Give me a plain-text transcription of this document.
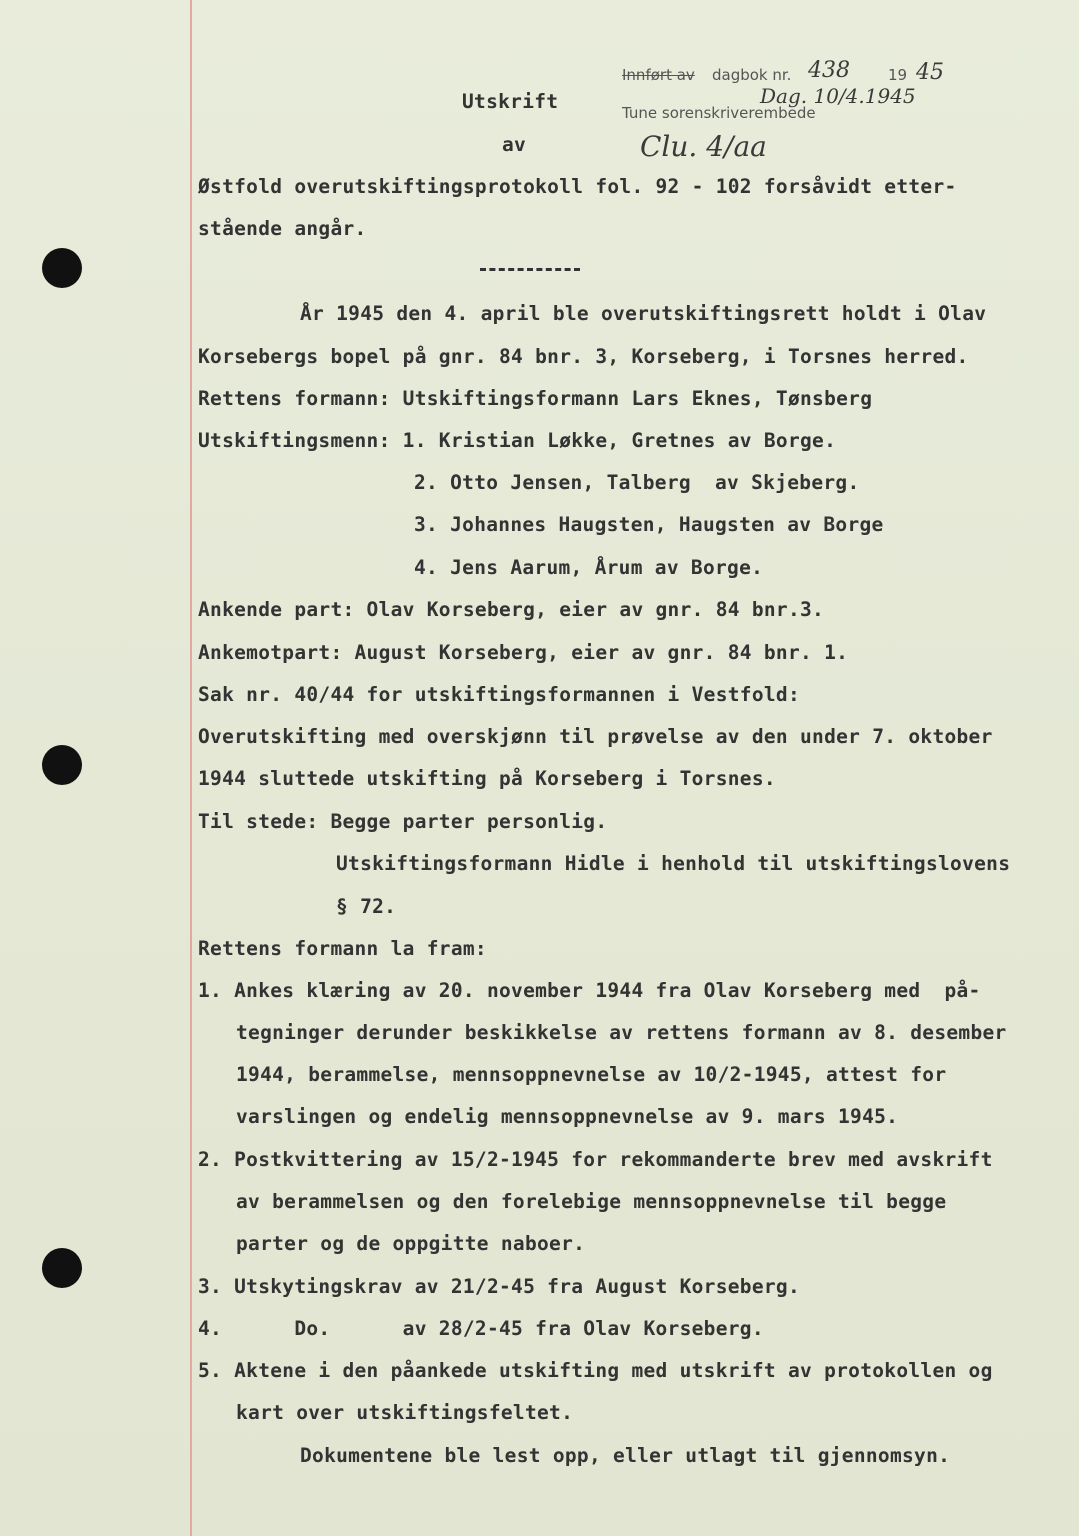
Innført av dagbok nr. 438	19 45
Tune sorenskriverembede
Dag. 10/4.1945
Clu. 4/aa
Utskrift
av
Østfold overutskiftingsprotokoll fol. 92 - 102 forsåvidt etter-
stående angår.
År 1945 den 4. april ble overutskiftingsrett holdt i Olav
Korsebergs bopel på gnr. 84 bnr. 3, Korseberg, i Torsnes herred.
Rettens formann: Utskiftingsformann Lars Eknes, Tønsberg
Utskiftingsmenn: 1. Kristian Løkke, Gretnes av Borge.
2. Otto Jensen, Talberg  av Skjeberg.
3. Johannes Haugsten, Haugsten av Borge
4. Jens Aarum, Årum av Borge.
Ankende part: Olav Korseberg, eier av gnr. 84 bnr.3.
Ankemotpart: August Korseberg, eier av gnr. 84 bnr. 1.
Sak nr. 40/44 for utskiftingsformannen i Vestfold:
Overutskifting med overskjønn til prøvelse av den under 7. oktober
1944 sluttede utskifting på Korseberg i Torsnes.
Til stede: Begge parter personlig.
Utskiftingsformann Hidle i henhold til utskiftingslovens
§ 72.
Rettens formann la fram:
1. Ankes klæring av 20. november 1944 fra Olav Korseberg med  på-
tegninger derunder beskikkelse av rettens formann av 8. desember
1944, berammelse, mennsoppnevnelse av 10/2-1945, attest for
varslingen og endelig mennsoppnevnelse av 9. mars 1945.
2. Postkvittering av 15/2-1945 for rekommanderte brev med avskrift
av berammelsen og den forelebige mennsoppnevnelse til begge
parter og de oppgitte naboer.
3. Utskytingskrav av 21/2-45 fra August Korseberg.
4.      Do.      av 28/2-45 fra Olav Korseberg.
5. Aktene i den påankede utskifting med utskrift av protokollen og
kart over utskiftingsfeltet.
Dokumentene ble lest opp, eller utlagt til gjennomsyn.
